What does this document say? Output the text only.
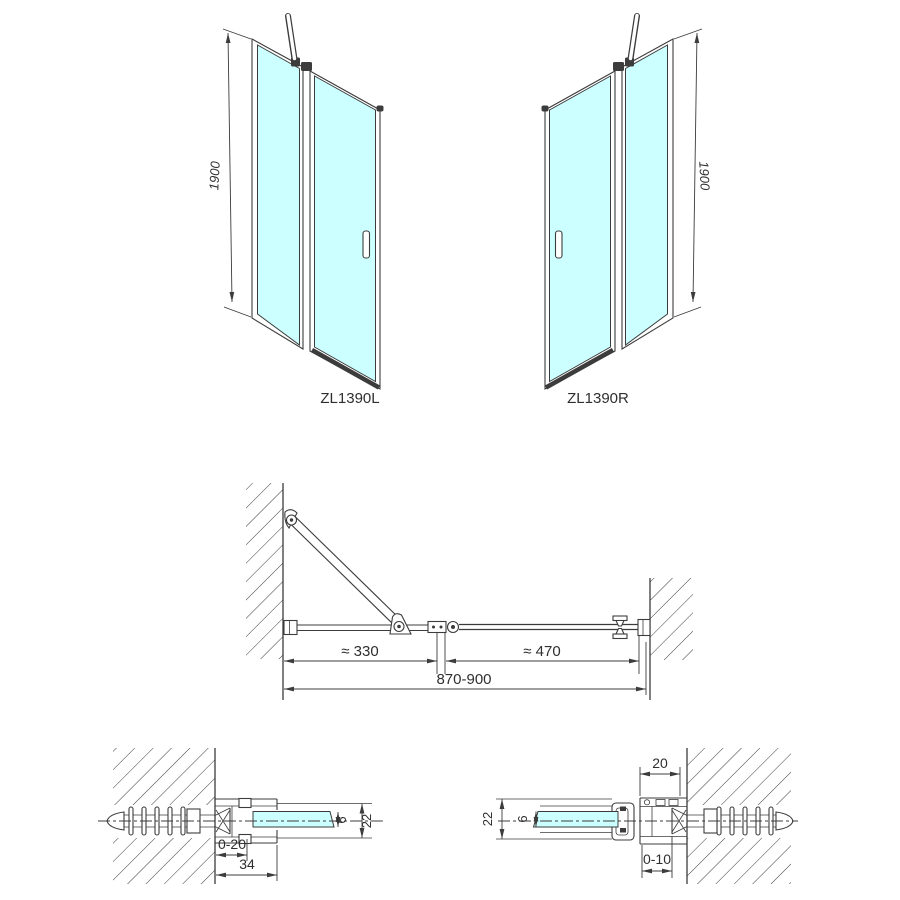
1900
ZL1390L
1900
ZL1390R
≈ 330	≈ 470
870-900
6 22
0-20
34
6
22
20
0-10
